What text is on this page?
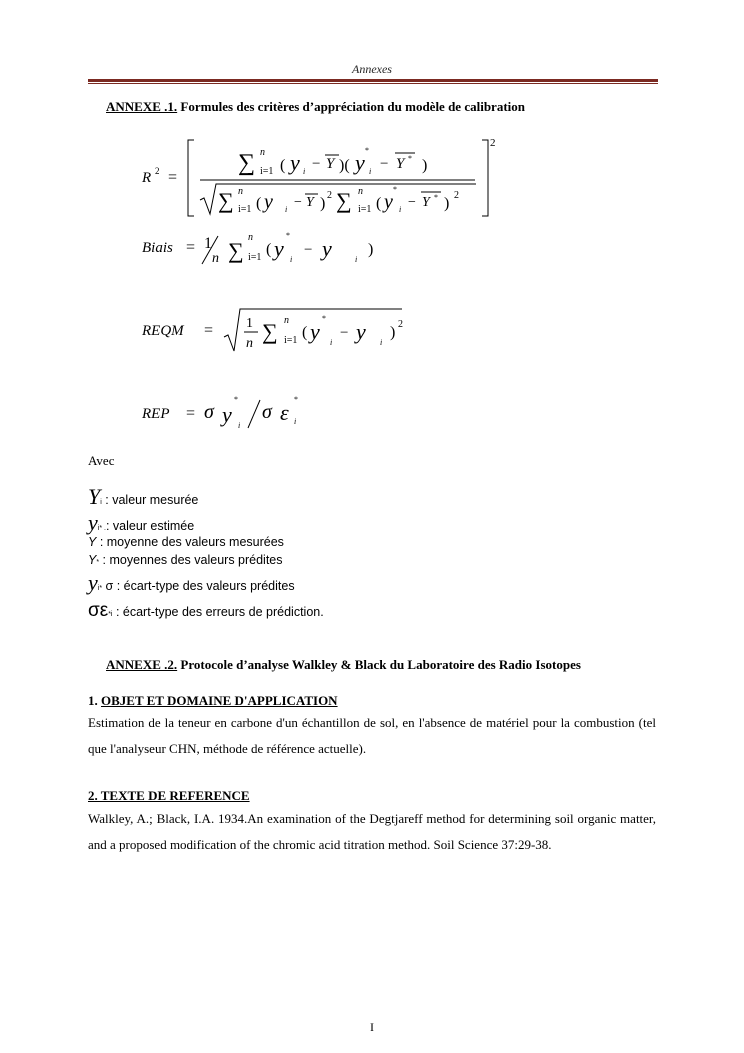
Annexes
ANNEXE .1. Formules des critères d’appréciation du modèle de calibration
R 2 =
2
∑ n
i=1 ( y i − Y )( y *
i − Y * )
∑ n
i=1 ( y i − Y ) 2 ∑ n
i=1 ( y
*
i − Y * ) 2
Biais = 1
n ∑
n
i=1 ( y
*
i
− y	i
)
REQM = 1
n ∑ n
i=1 ( y
*
i
− y i
) 2
REP = σ y
*
i
σ ε
*
i
Avec
Yi : valeur mesurée
yi* .: valeur estimée
Y : moyenne des valeurs mesurées
Y* : moyennes des valeurs prédites
yi* σ : écart-type des valeurs prédites
σε*i : écart-type des erreurs de prédiction.
ANNEXE .2. Protocole d’analyse Walkley & Black du Laboratoire des Radio Isotopes
1. OBJET ET DOMAINE D'APPLICATION
Estimation de la teneur en carbone d'un échantillon de sol, en l'absence de matériel pour la combustion (tel que l'analyseur CHN, méthode de référence actuelle).
2. TEXTE DE REFERENCE
Walkley, A.; Black, I.A. 1934.An examination of the Degtjareff method for determining soil organic matter, and a proposed modification of the chromic acid titration method. Soil Science 37:29-38.
I
